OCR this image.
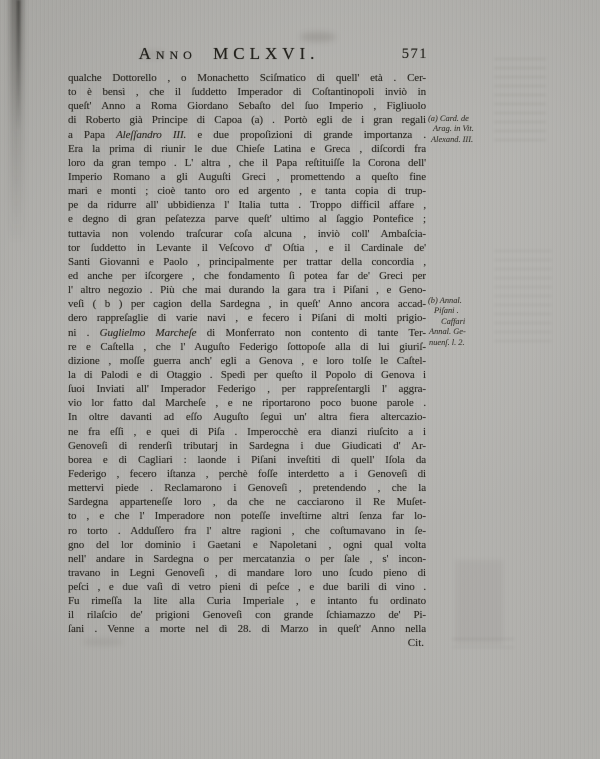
Anno MCLXVI.	571
qualche Dottorello , o Monachetto Sciſmatico di quell' età . Cer-
to è bensì , che il ſuddetto Imperador di Coſtantinopoli inviò in
queſt' Anno a Roma Giordano Sebaſto del ſuo Imperio , Figliuolo
di Roberto già Principe di Capoa (a) . Portò egli de i gran regali
a Papa Aleſſandro III. e due propoſizioni di grande importanza .
Era la prima di riunir le due Chieſe Latina e Greca , diſcordi fra
loro da gran tempo . L' altra , che il Papa reſtituiſſe la Corona dell'
Imperio Romano a gli Auguſti Greci , promettendo a queſto fine
mari e monti ; cioè tanto oro ed argento , e tanta copia di trup-
pe da ridurre all' ubbidienza l' Italia tutta . Troppo difficil affare ,
e degno di gran peſatezza parve queſt' ultimo al ſaggio Pontefice ;
tuttavia non volendo traſcurar coſa alcuna , inviò coll' Ambaſcia-
tor ſuddetto in Levante il Veſcovo d' Oſtia , e il Cardinale de'
Santi Giovanni e Paolo , principalmente per trattar della concordia ,
ed anche per iſcorgere , che fondamento ſi potea far de' Greci per
l' altro negozio . Più che mai durando la gara tra i Piſani , e Geno-
veſi ( b ) per cagion della Sardegna , in queſt' Anno ancora accad-
dero rappreſaglie di varie navi , e fecero i Piſani di molti prigio-
ni . Guglielmo Marcheſe di Monferrato non contento di tante Ter-
re e Caſtella , che l' Auguſto Federigo ſottopoſe alla di lui giuriſ-
dizione , moſſe guerra anch' egli a Genova , e loro tolſe le Caſtel-
la di Palodi e di Otaggio . Spedì per queſto il Popolo di Genova i
ſuoi Inviati all' Imperador Federigo , per rappreſentargli l' aggra-
vio lor fatto dal Marcheſe , e ne riportarono poco buone parole .
In oltre davanti ad eſſo Auguſto ſeguì un' altra fiera altercazio-
ne fra eſſi , e quei di Piſa . Imperocchè era dianzi riuſcito a i
Genoveſi di renderſi tributarj in Sardegna i due Giudicati d' Ar-
borea e di Cagliari : laonde i Piſani inveſtiti di quell' Iſola da
Federigo , fecero iſtanza , perchè foſſe interdetto a i Genoveſi di
mettervi piede . Reclamarono i Genoveſi , pretendendo , che la
Sardegna apparteneſſe loro , da che ne cacciarono il Re Muſet-
to , e che l' Imperadore non poteſſe inveſtirne altri ſenza far lo-
ro torto . Adduſſero fra l' altre ragioni , che coſtumavano in ſe-
gno del lor dominio i Gaetani e Napoletani , ogni qual volta
nell' andare in Sardegna o per mercatanzia o per ſale , s' incon-
travano in Legni Genoveſi , di mandare loro uno ſcudo pieno di
peſci , e due vaſi di vetro pieni di peſce , e due barili di vino .
Fu rimeſſa la lite alla Curia Imperiale , e intanto fu ordinato
il rilaſcio de' prigioni Genoveſi con grande ſchiamazzo de' Pi-
ſani . Venne a morte nel dì 28. di Marzo in queſt' Anno nella
Cit.
(a) Card. de
Arag. in Vit.
Alexand. III.
(b) Annal.
Piſani .
Caffari
Annal. Ge-
nuenſ. l. 2.
